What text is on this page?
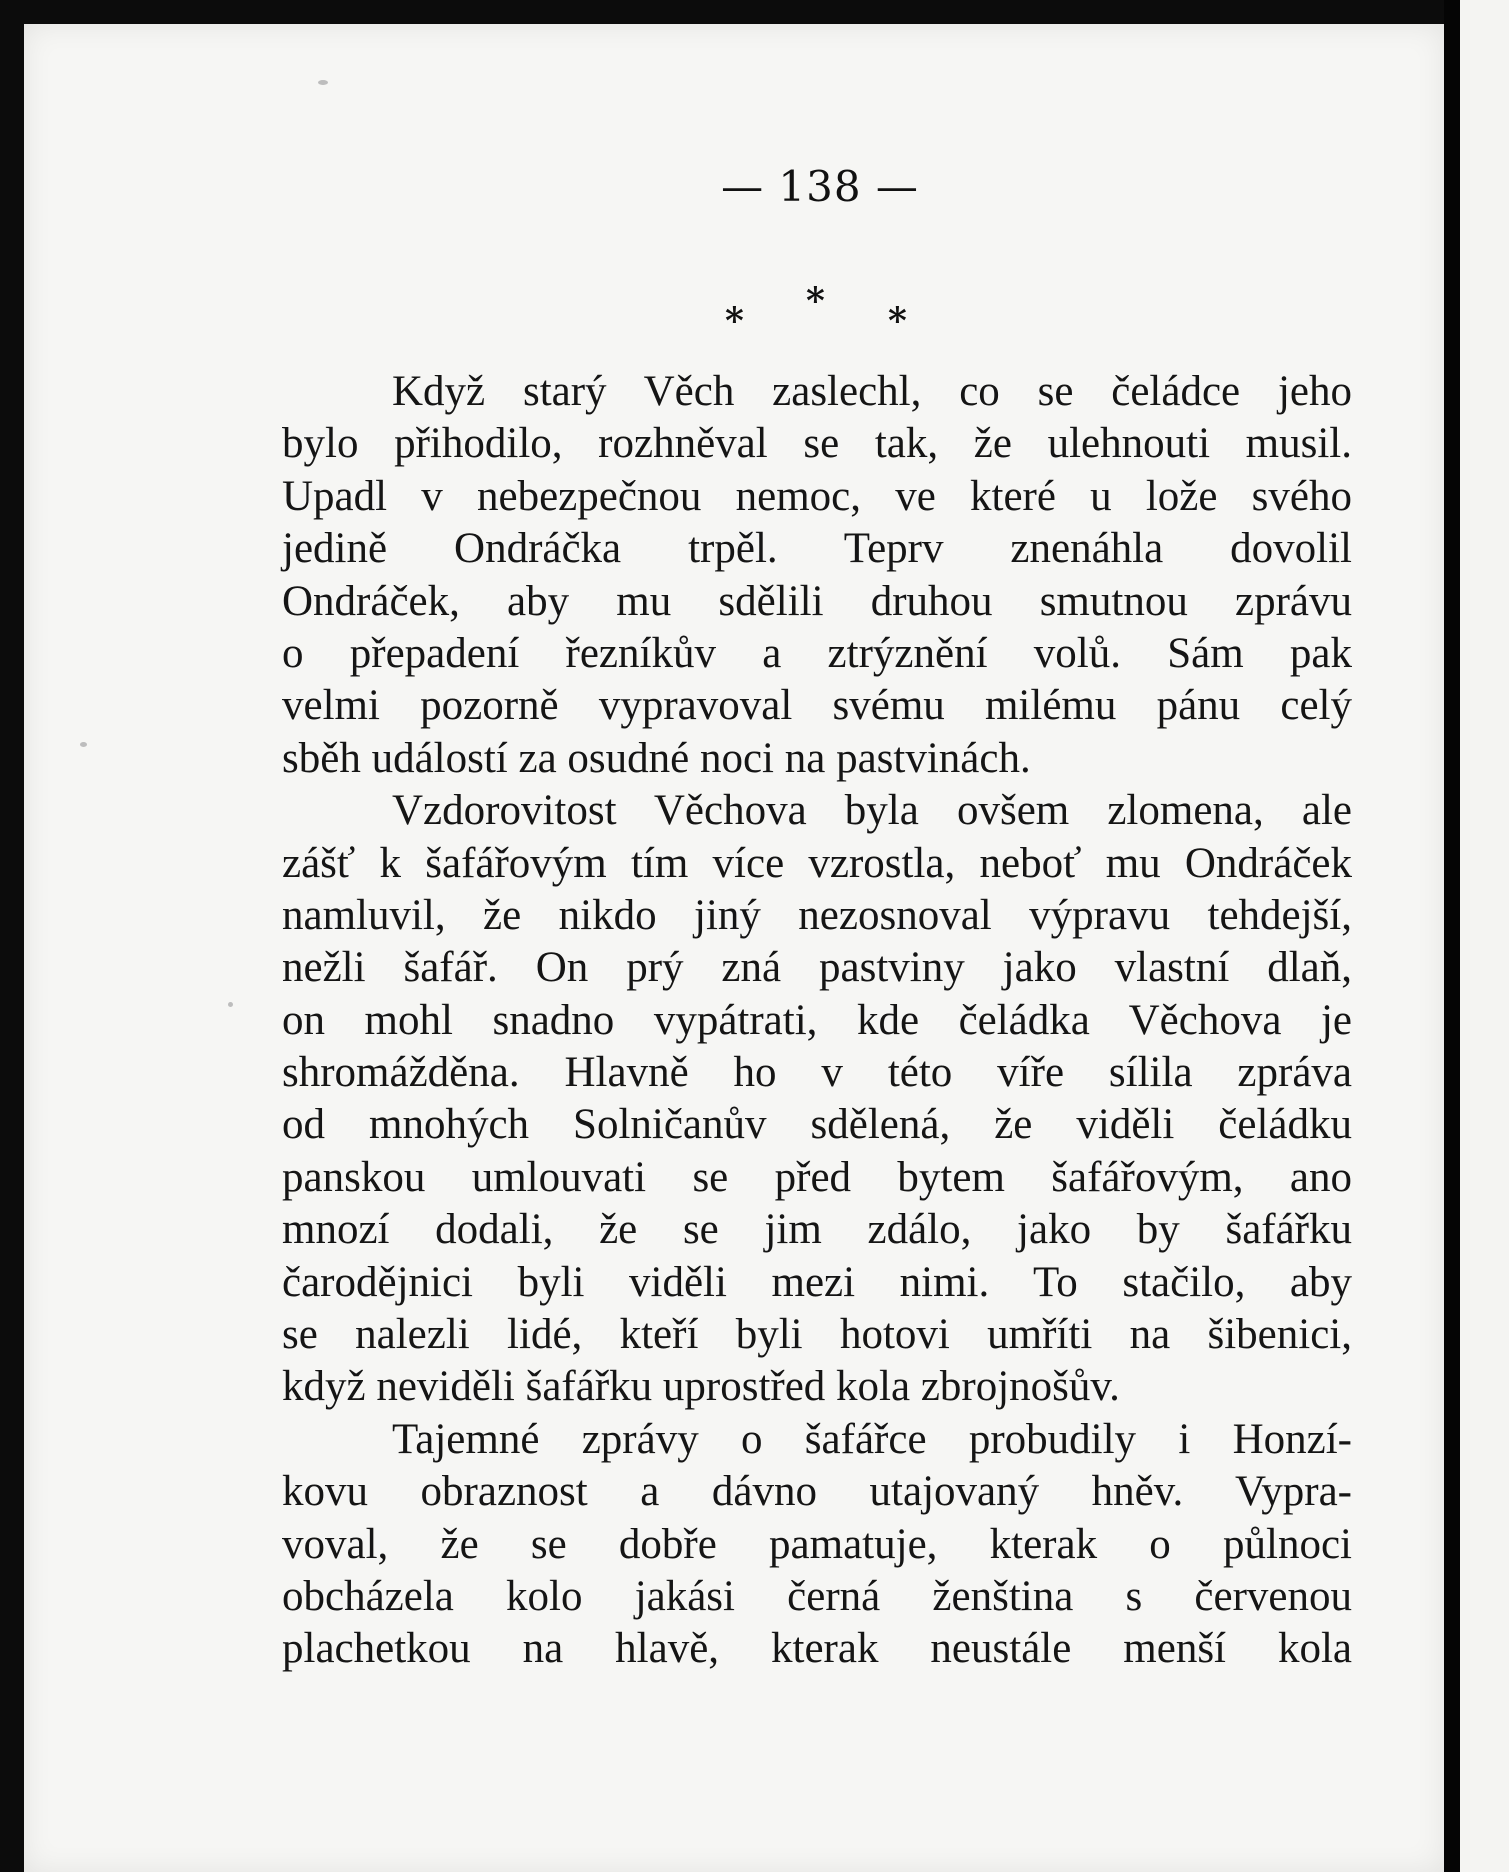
— 138 —
* * *
Když starý Věch zaslechl, co se čeládce jeho
bylo přihodilo, rozhněval se tak, že ulehnouti musil.
Upadl v nebezpečnou nemoc, ve které u lože svého
jedině Ondráčka trpěl. Teprv znenáhla dovolil
Ondráček, aby mu sdělili druhou smutnou zprávu
o přepadení řezníkův a ztrýznění volů. Sám pak
velmi pozorně vypravoval svému milému pánu celý
sběh událostí za osudné noci na pastvinách.
Vzdorovitost Věchova byla ovšem zlomena, ale
zášť k šafářovým tím více vzrostla, neboť mu Ondráček
namluvil, že nikdo jiný nezosnoval výpravu tehdejší,
nežli šafář. On prý zná pastviny jako vlastní dlaň,
on mohl snadno vypátrati, kde čeládka Věchova je
shromážděna. Hlavně ho v této víře sílila zpráva
od mnohých Solničanův sdělená, že viděli čeládku
panskou umlouvati se před bytem šafářovým, ano
mnozí dodali, že se jim zdálo, jako by šafářku
čarodějnici byli viděli mezi nimi. To stačilo, aby
se nalezli lidé, kteří byli hotovi umříti na šibenici,
když neviděli šafářku uprostřed kola zbrojnošův.
Tajemné zprávy o šafářce probudily i Honzí-
kovu obraznost a dávno utajovaný hněv. Vypra-
voval, že se dobře pamatuje, kterak o půlnoci
obcházela kolo jakási černá ženština s červenou
plachetkou na hlavě, kterak neustále menší kola
